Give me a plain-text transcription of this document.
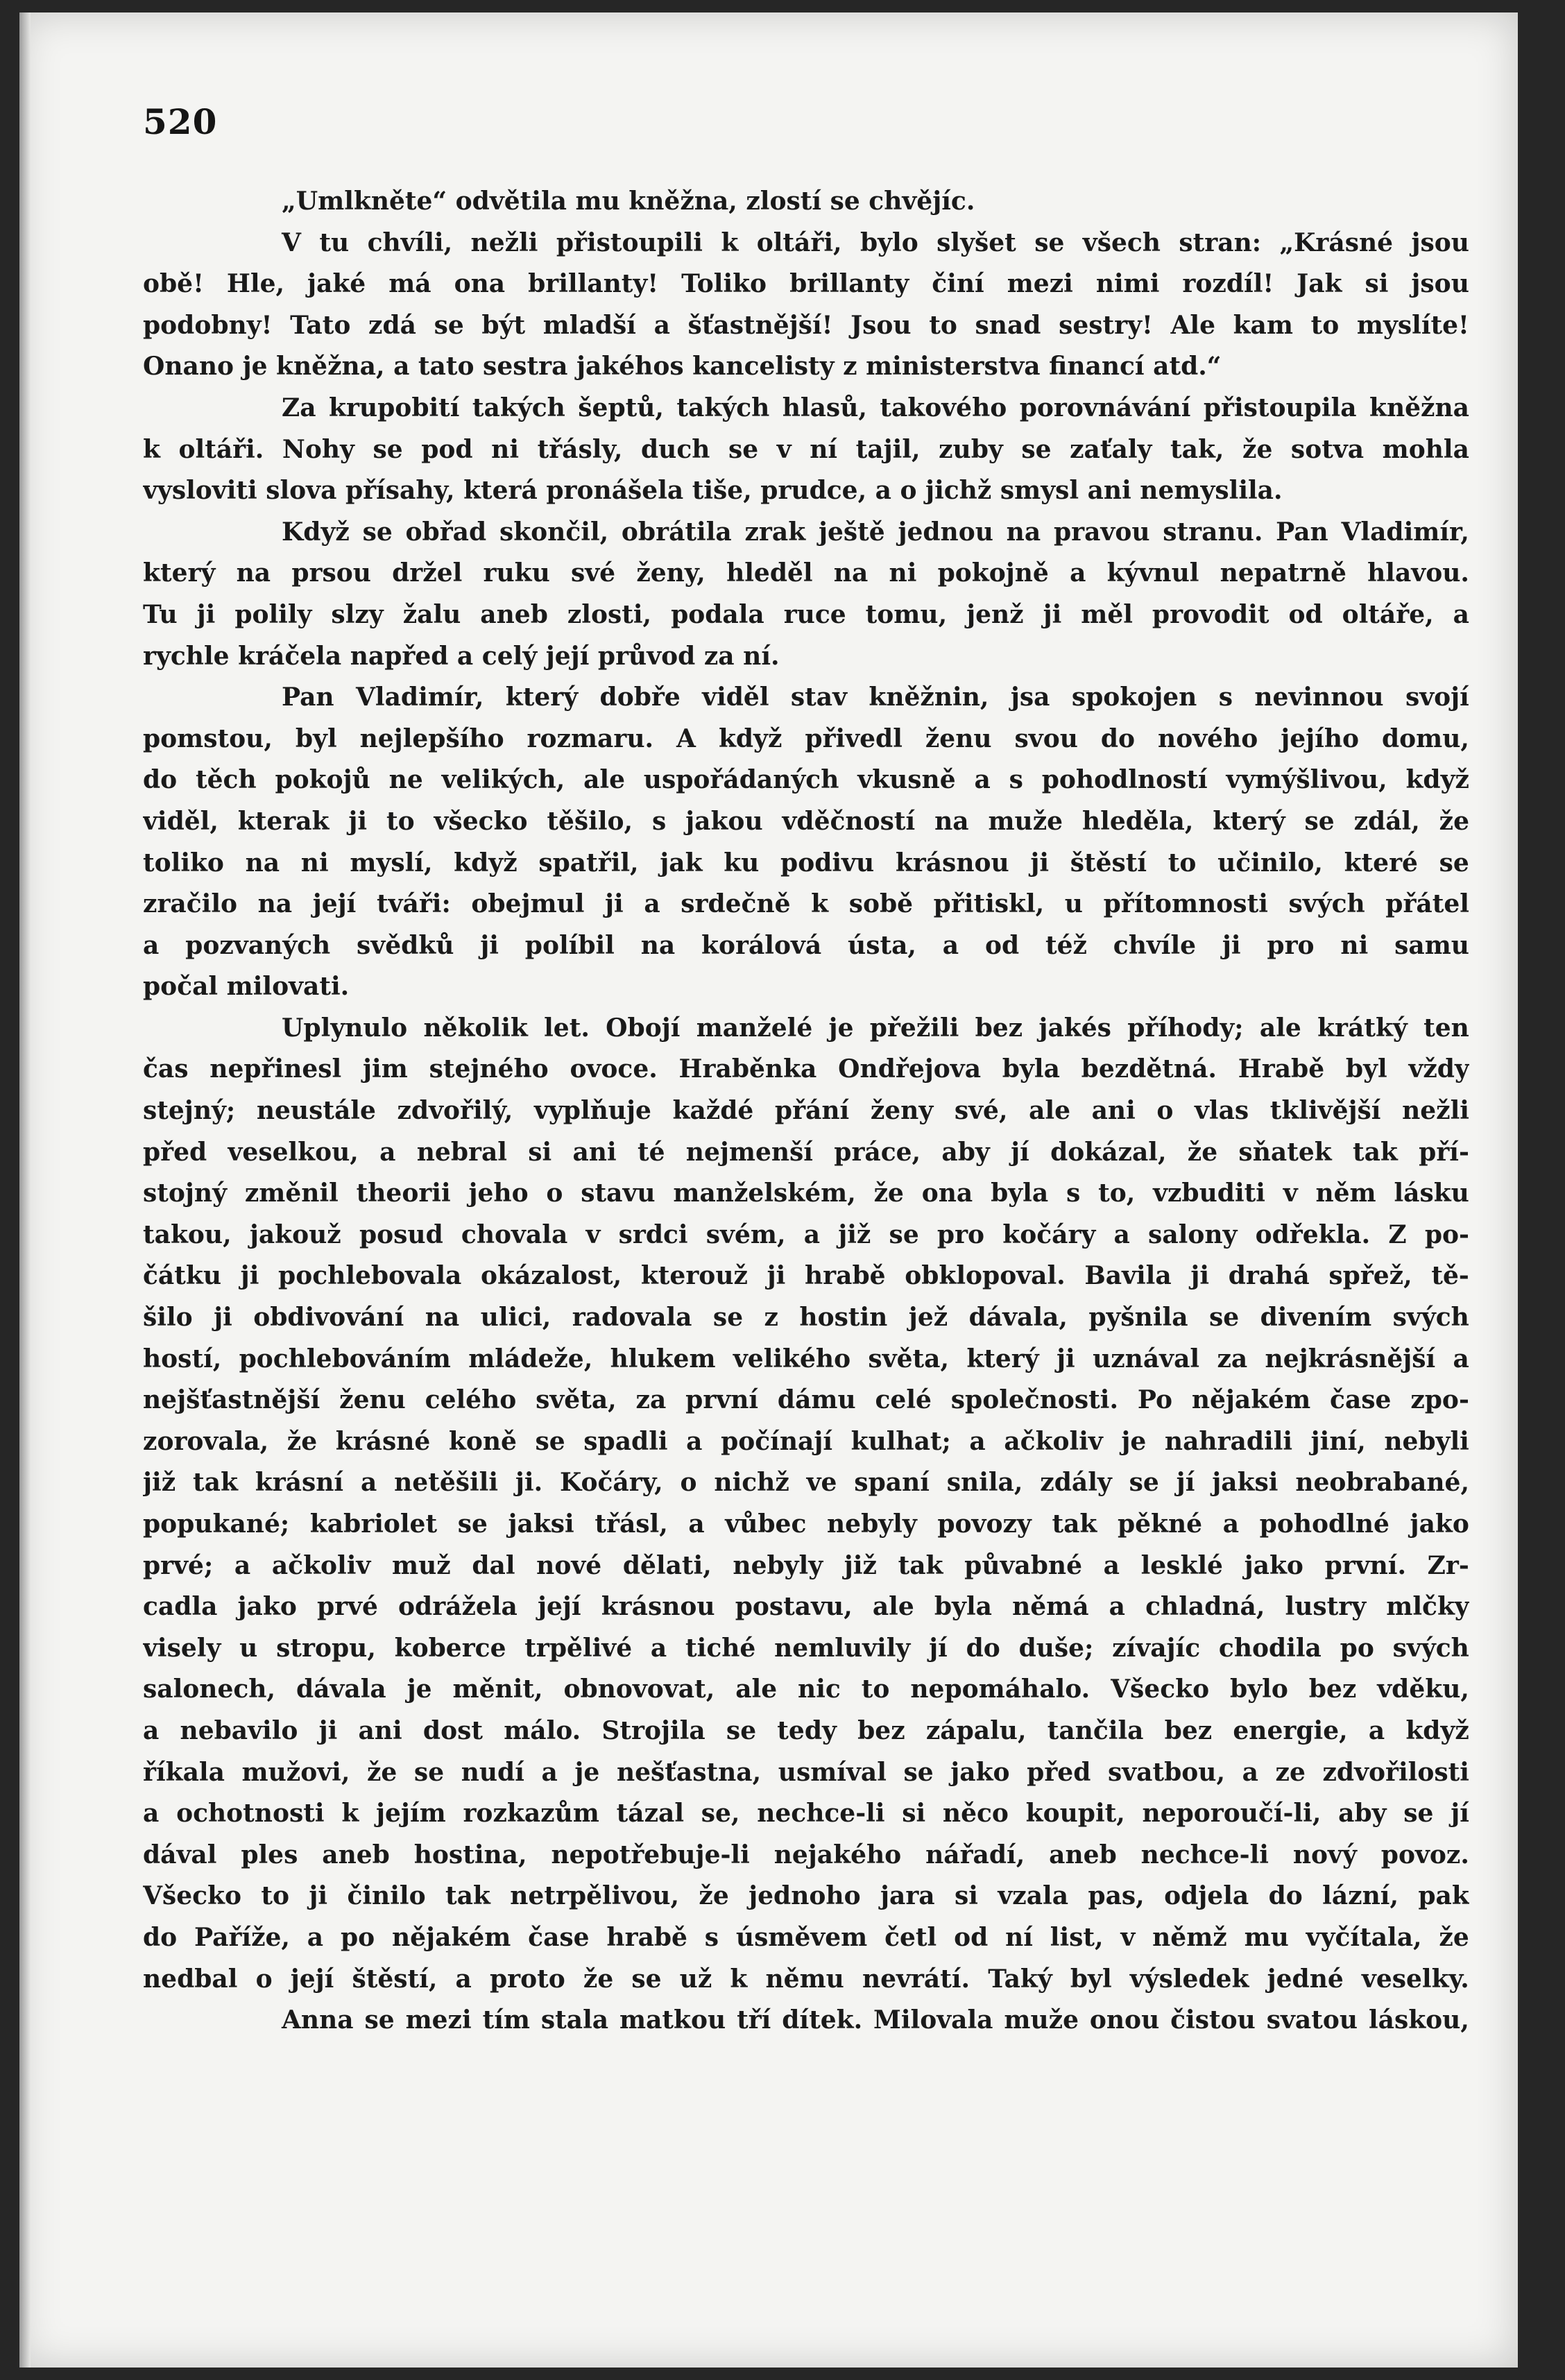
520
„Umlkněte“ odvětila mu kněžna, zlostí se chvějíc.
V tu chvíli, nežli přistoupili k oltáři, bylo slyšet se všech stran: „Krásné jsou
obě! Hle, jaké má ona brillanty! Toliko brillanty činí mezi nimi rozdíl! Jak si jsou
podobny! Tato zdá se být mladší a šťastnější! Jsou to snad sestry! Ale kam to myslíte!
Onano je kněžna, a tato sestra jakéhos kancelisty z ministerstva financí atd.“
Za krupobití takých šeptů, takých hlasů, takového porovnávání přistoupila kněžna
k oltáři. Nohy se pod ni třásly, duch se v ní tajil, zuby se zaťaly tak, že sotva mohla
vysloviti slova přísahy, která pronášela tiše, prudce, a o jichž smysl ani nemyslila.
Když se obřad skončil, obrátila zrak ještě jednou na pravou stranu. Pan Vladimír,
který na prsou držel ruku své ženy, hleděl na ni pokojně a kývnul nepatrně hlavou.
Tu ji polily slzy žalu aneb zlosti, podala ruce tomu, jenž ji měl provodit od oltáře, a
rychle kráčela napřed a celý její průvod za ní.
Pan Vladimír, který dobře viděl stav kněžnin, jsa spokojen s nevinnou svojí
pomstou, byl nejlepšího rozmaru. A když přivedl ženu svou do nového jejího domu,
do těch pokojů ne velikých, ale uspořádaných vkusně a s pohodlností vymýšlivou, když
viděl, kterak ji to všecko těšilo, s jakou vděčností na muže hleděla, který se zdál, že
toliko na ni myslí, když spatřil, jak ku podivu krásnou ji štěstí to učinilo, které se
zračilo na její tváři: obejmul ji a srdečně k sobě přitiskl, u přítomnosti svých přátel
a pozvaných svědků ji políbil na korálová ústa, a od též chvíle ji pro ni samu
počal milovati.
Uplynulo několik let. Obojí manželé je přežili bez jakés příhody; ale krátký ten
čas nepřinesl jim stejného ovoce. Hraběnka Ondřejova byla bezdětná. Hrabě byl vždy
stejný; neustále zdvořilý, vyplňuje každé přání ženy své, ale ani o vlas tklivější nežli
před veselkou, a nebral si ani té nejmenší práce, aby jí dokázal, že sňatek tak pří-
stojný změnil theorii jeho o stavu manželském, že ona byla s to, vzbuditi v něm lásku
takou, jakouž posud chovala v srdci svém, a již se pro kočáry a salony odřekla. Z po-
čátku ji pochlebovala okázalost, kterouž ji hrabě obklopoval. Bavila ji drahá spřež, tě-
šilo ji obdivování na ulici, radovala se z hostin jež dávala, pyšnila se divením svých
hostí, pochlebováním mládeže, hlukem velikého světa, který ji uznával za nejkrásnější a
nejšťastnější ženu celého světa, za první dámu celé společnosti. Po nějakém čase zpo-
zorovala, že krásné koně se spadli a počínají kulhat; a ačkoliv je nahradili jiní, nebyli
již tak krásní a netěšili ji. Kočáry, o nichž ve spaní snila, zdály se jí jaksi neobrabané,
popukané; kabriolet se jaksi třásl, a vůbec nebyly povozy tak pěkné a pohodlné jako
prvé; a ačkoliv muž dal nové dělati, nebyly již tak půvabné a lesklé jako první. Zr-
cadla jako prvé odrážela její krásnou postavu, ale byla němá a chladná, lustry mlčky
visely u stropu, koberce trpělivé a tiché nemluvily jí do duše; zívajíc chodila po svých
salonech, dávala je měnit, obnovovat, ale nic to nepomáhalo. Všecko bylo bez vděku,
a nebavilo ji ani dost málo. Strojila se tedy bez zápalu, tančila bez energie, a když
říkala mužovi, že se nudí a je nešťastna, usmíval se jako před svatbou, a ze zdvořilosti
a ochotnosti k jejím rozkazům tázal se, nechce-li si něco koupit, neporoučí-li, aby se jí
dával ples aneb hostina, nepotřebuje-li nejakého nářadí, aneb nechce-li nový povoz.
Všecko to ji činilo tak netrpělivou, že jednoho jara si vzala pas, odjela do lázní, pak
do Paříže, a po nějakém čase hrabě s úsměvem četl od ní list, v němž mu vyčítala, že
nedbal o její štěstí, a proto že se už k němu nevrátí. Taký byl výsledek jedné veselky.
Anna se mezi tím stala matkou tří dítek. Milovala muže onou čistou svatou láskou,
